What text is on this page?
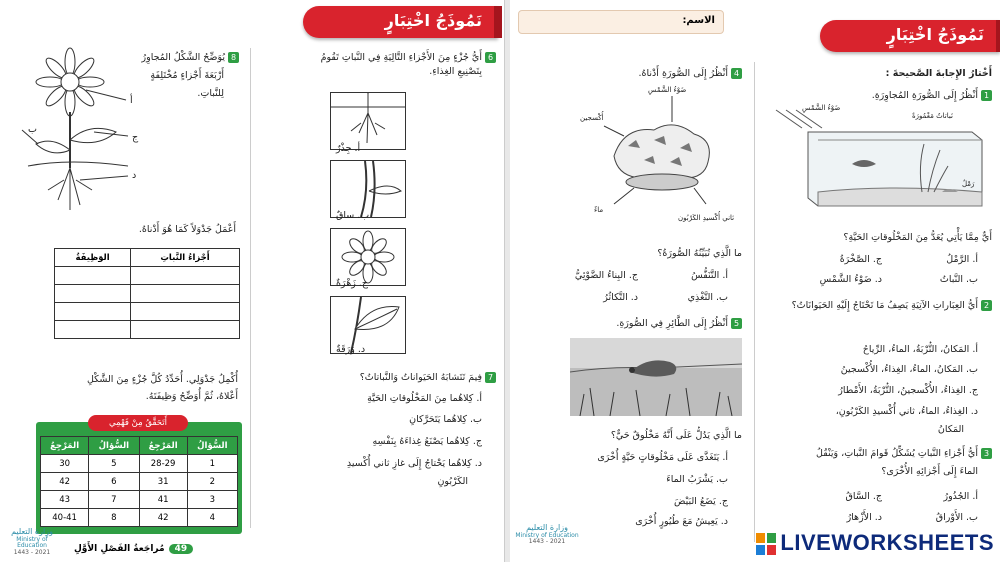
نَمُوذَجُ اخْتِبَارٍ
6أَيُّ جُزْءٍ مِنَ الأَجْزاءِ التَّالِيَةِ فِي النَّباتِ تَقُومُ
بِتَصْنِيعِ الغِذاءِ.
أ. جِذْرٌ
ب. ساقٌ
ج. زَهْرَةٌ
د. وَرَقَةٌ
7فِيمَ تَتَشابَهُ الحَيَواناتُ وَالنَّباتاتُ؟
أ. كِلاهُما مِنَ المَخْلُوقاتِ الحَيَّةِ
ب. كِلاهُما يَتَحَرَّكانِ
ج. كِلاهُما يَصْنَعُ غِذاءَهُ بِنَفْسِهِ
د. كِلاهُما يَحْتاجُ إِلَى غازِ ثاني أُكْسيدِ
الكَرْبُونِ
أ
ب
ج
د
8يُوَضِّحُ الشَّكْلُ المُجاوِرُ
أَرْبَعَةَ أَجْزاءٍ مُخْتَلِفَةٍ
لِلنَّباتِ.
أَعْمَلُ جَدْوَلاً كَمَا هُوَ أَدْناهُ.
أَجْزاءُ النَّباتِ	الوَظِيفَةُ

أُكْمِلُ جَدْوَلِي. أُحَدِّدُ كُلَّ جُزْءٍ مِنَ الشَّكْلِ
أَعْلاهُ، ثُمَّ أُوَضِّحُ وَظِيفَتَهُ.
أَتَحَقَّقُ مِنْ فَهْمِي
السُّؤالُ	المَرْجِعُ	السُّؤالُ	المَرْجِعُ
1	28-29	5	30
2	31	6	42
3	41	7	43
4	42	8	40-41
وزارة التعليم
Ministry of Education
2021 - 1443	49مُراجَعةُ الفَصْلِ الأَوَّلِ
الاسم:
نَمُوذَجُ اخْتِبَارٍ
أَخْتارُ الإِجابةَ الصَّحيحةَ :
1أَنْظُرُ إِلَى الصُّورَةِ المُجاوِرَةِ.
ضَوْءُ الشَّمْسِ
نَباتاتٌ مَغْمُورَةٌ
رَمْلٌ
أَيٌّ مِمَّا يَأْتِي يُعَدُّ مِنَ المَخْلُوقاتِ الحَيَّةِ؟
أ. الرَّمْلُ
ج. الصَّخْرَةُ
ب. النَّباتُ
د. ضَوْءُ الشَّمْسِ
2أَيُّ العِبَاراتِ الآتِيَةِ يَصِفُ مَا تَحْتَاجُ إِلَيْهِ الحَيَوانَاتُ؟
أ. المَكانُ، التُّرْبَةُ، الماءُ، الرِّياحُ
ب. المَكانُ، الماءُ، الغِذاءُ، الأُكْسجينُ
ج. الغِذاءُ، الأُكْسجينُ، التُّرْبَةُ، الأَمْطارُ
د. الغِذاءُ، الماءُ، ثاني أُكْسيدِ الكَرْبُونِ،
المَكانُ
3أَيُّ أَجْزاءِ النَّباتِ يُشَكِّلُ قَوامَ النَّباتِ، وَيَنْقُلُ
الماءَ إِلَى أَجْزائِهِ الأُخْرَى؟
أ. الجُذُورُ
ج. السَّاقُ
ب. الأَوْراقُ
د. الأَزْهارُ
4أَنْظُرُ إِلَى الصُّورَةِ أَدْناهُ.
ضَوْءُ الشَّمْسِ
أُكْسجين
ماءٌ
ثاني أُكْسيدِ الكَرْبُون
ما الَّذِي تُبَيِّنُهُ الصُّورَةُ؟
أ. التَّنَفُّسُ
ج. البِناءُ الضَّوْئِيُّ
ب. التَّغْذِي
د. التَّكاثُرُ
5أَنْظُرُ إِلَى الطَّائِرِ فِي الصُّورَةِ.
ما الَّذِي يَدُلُّ عَلَى أَنَّهُ مَخْلُوقٌ حَيٌّ؟
أ. يَتَغَذَّى عَلَى مَخْلُوقاتٍ حَيَّةٍ أُخْرَى
ب. يَشْرَبُ الماءَ
ج. يَضَعُ البَيْضَ
د. يَعِيشُ مَعَ طُيُورٍ أُخْرَى
وزارة التعليم
Ministry of Education
2021 - 1443	LIVEWORKSHEETS
